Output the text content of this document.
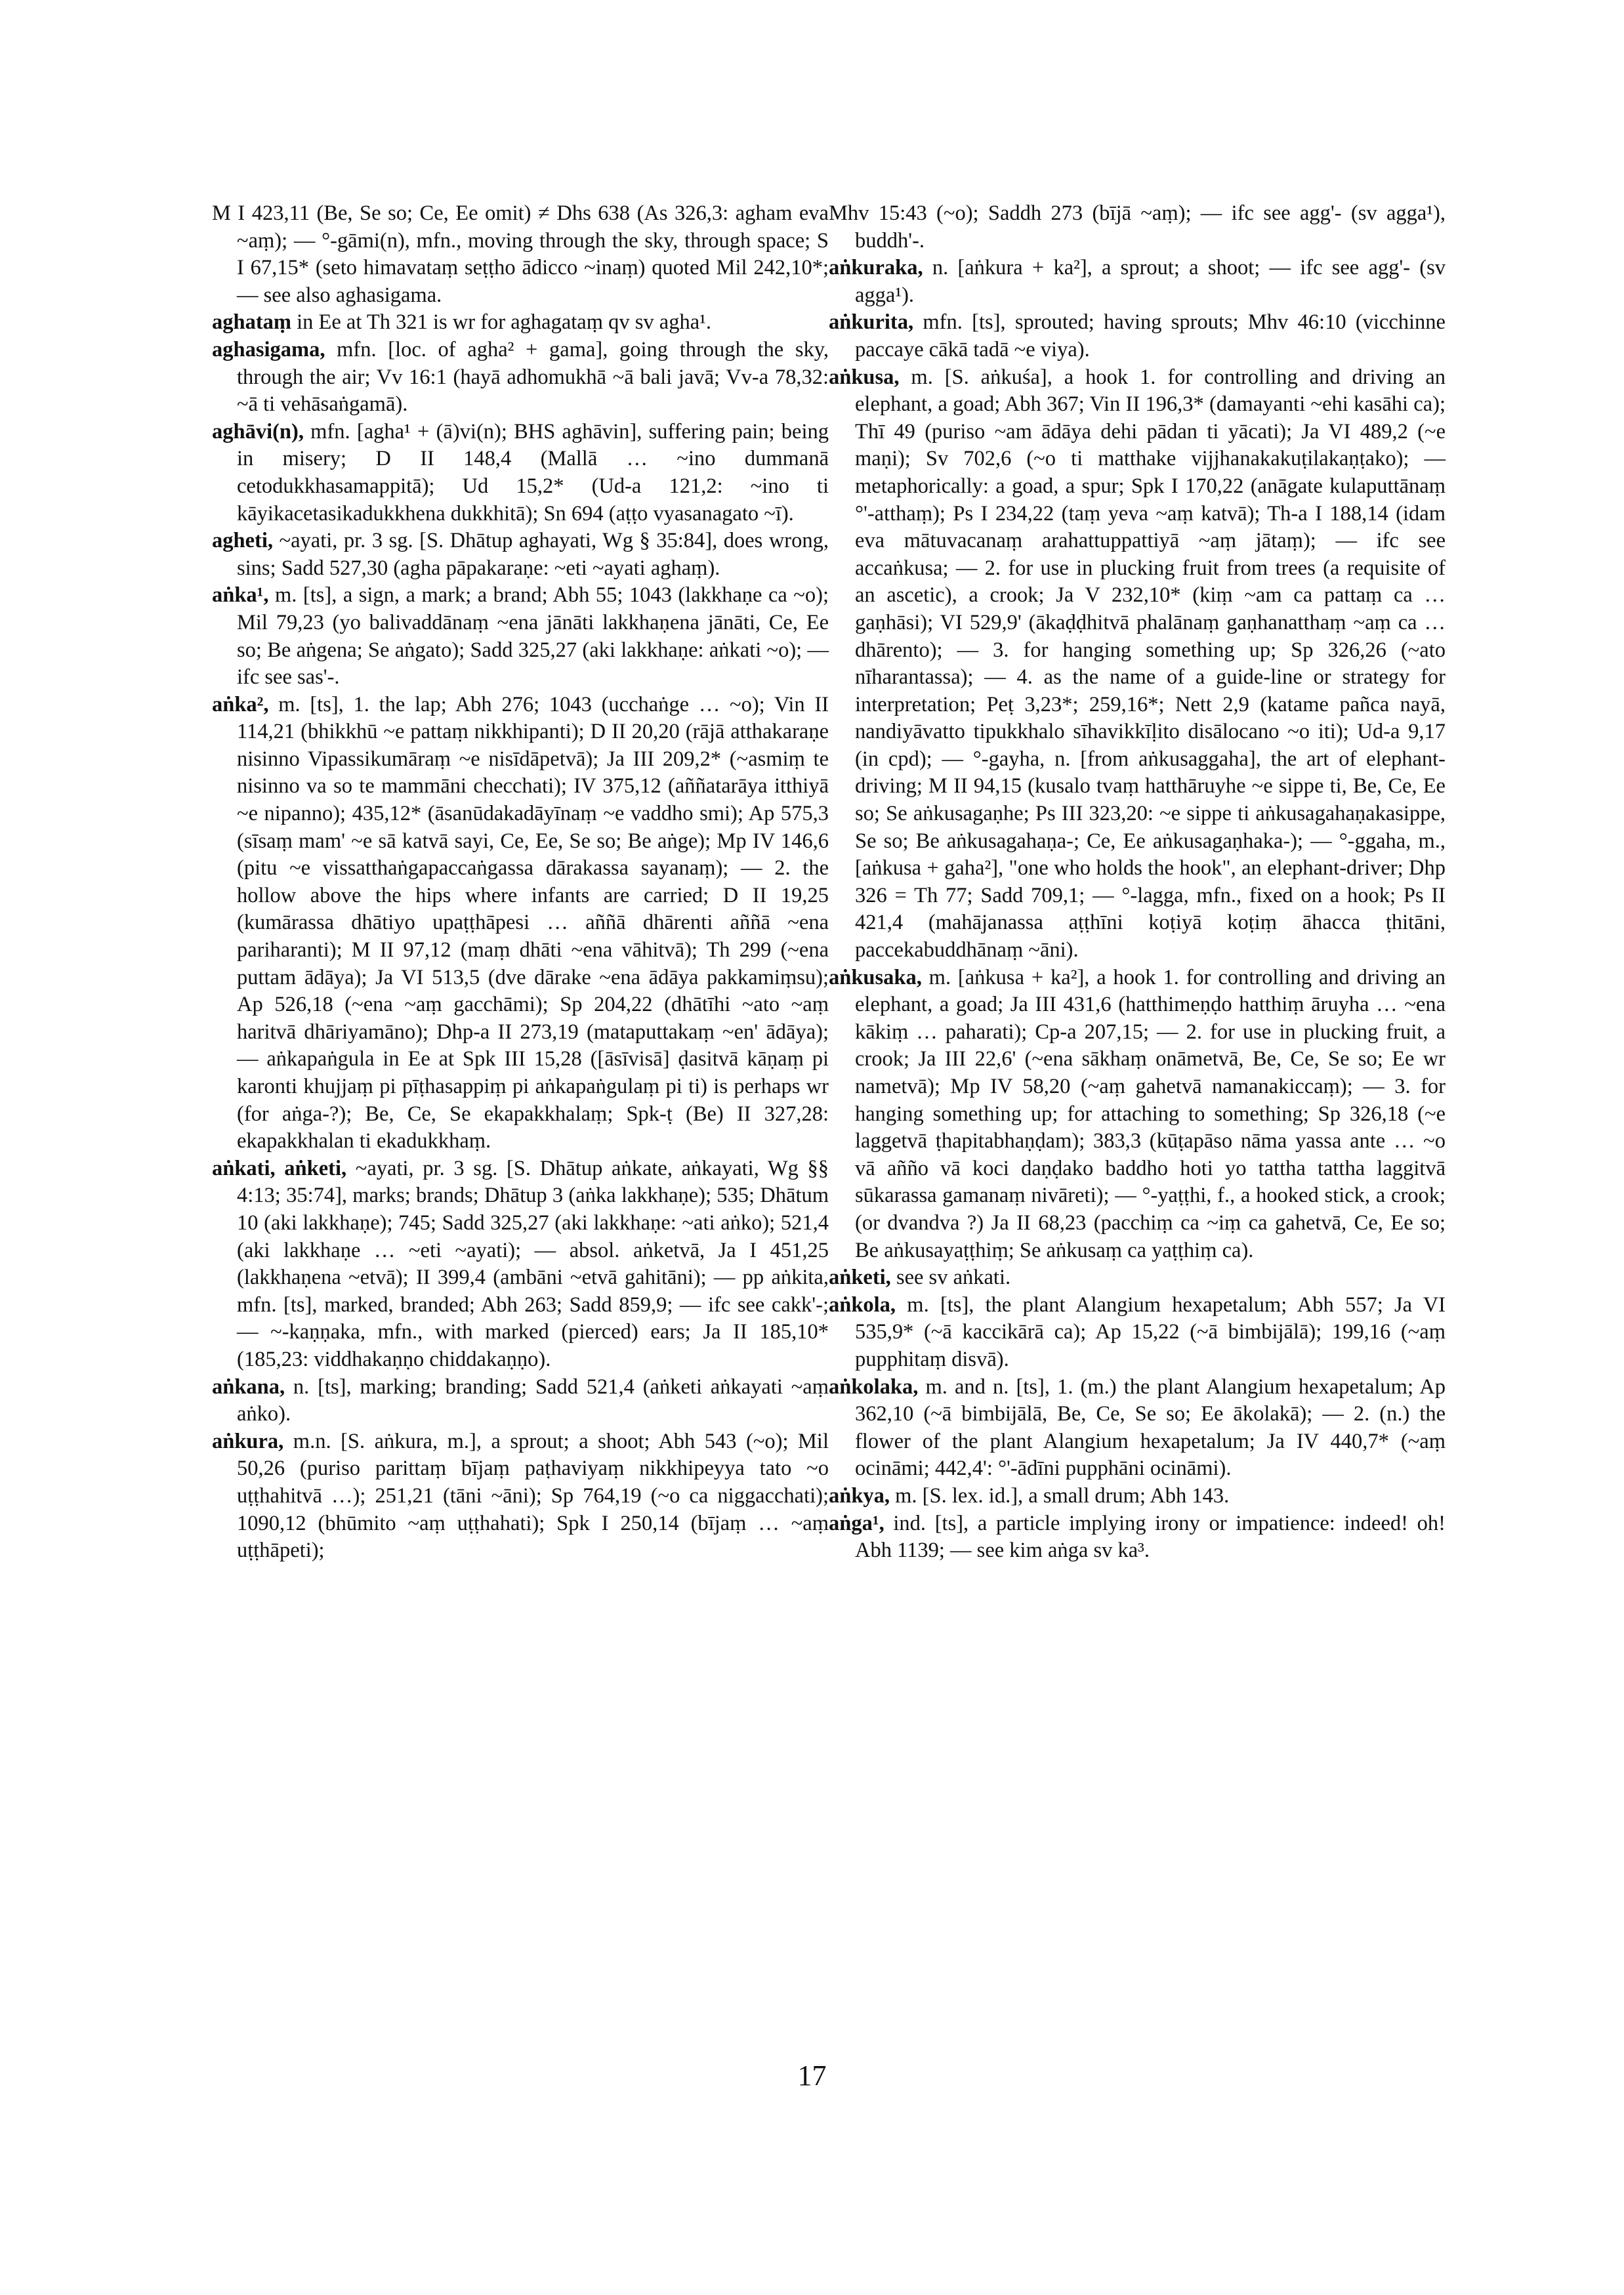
M I 423,11 (Be, Se so; Ce, Ee omit) ≠ Dhs 638 (As 326,3: agham eva ~aṃ); — °-gāmi(n), mfn., moving through the sky, through space; S I 67,15* (seto himavataṃ seṭṭho ādicco ~inaṃ) quoted Mil 242,10*; — see also aghasigama.

aghataṃ in Ee at Th 321 is wr for aghagataṃ qv sv agha¹.

aghasigama, mfn. [loc. of agha² + gama], going through the sky, through the air; Vv 16:1 (hayā adhomukhā ~ā bali javā; Vv-a 78,32: ~ā ti vehāsaṅgamā).

aghāvi(n), mfn. [agha¹ + (ā)vi(n); BHS aghāvin], suffering pain; being in misery; D II 148,4 (Mallā … ~ino dummanā cetodukkhasamappitā); Ud 15,2* (Ud-a 121,2: ~ino ti kāyikacetasikadukkhena dukkhitā); Sn 694 (aṭṭo vyasanagato ~ī).

agheti, ~ayati, pr. 3 sg. [S. Dhātup aghayati, Wg § 35:84], does wrong, sins; Sadd 527,30 (agha pāpakaraṇe: ~eti ~ayati aghaṃ).

aṅka¹, m. [ts], a sign, a mark; a brand; Abh 55; 1043 (lakkhaṇe ca ~o); Mil 79,23 (yo balivaddānaṃ ~ena jānāti lakkhaṇena jānāti, Ce, Ee so; Be aṅgena; Se aṅgato); Sadd 325,27 (aki lakkhaṇe: aṅkati ~o); — ifc see sas'-.

aṅka², m. [ts], 1. the lap; Abh 276; 1043 (ucchaṅge … ~o); Vin II 114,21 (bhikkhū ~e pattaṃ nikkhipanti); D II 20,20 (rājā atthakaraṇe nisinno Vipassikumāraṃ ~e nisīdāpetvā); Ja III 209,2* (~asmiṃ te nisinno va so te mammāni checchati); IV 375,12 (aññatarāya itthiyā ~e nipanno); 435,12* (āsanūdakadāyīnaṃ ~e vaddho smi); Ap 575,3 (sīsaṃ mam' ~e sā katvā sayi, Ce, Ee, Se so; Be aṅge); Mp IV 146,6 (pitu ~e vissatthaṅgapaccaṅgassa dārakassa sayanaṃ); — 2. the hollow above the hips where infants are carried; D II 19,25 (kumārassa dhātiyo upaṭṭhāpesi … aññā dhārenti aññā ~ena pariharanti); M II 97,12 (maṃ dhāti ~ena vāhitvā); Th 299 (~ena puttam ādāya); Ja VI 513,5 (dve dārake ~ena ādāya pakkamiṃsu); Ap 526,18 (~ena ~aṃ gacchāmi); Sp 204,22 (dhātīhi ~ato ~aṃ haritvā dhāriyamāno); Dhp-a II 273,19 (mataputtakaṃ ~en' ādāya); — aṅkapaṅgula in Ee at Spk III 15,28 ([āsīvisā] ḍasitvā kāṇaṃ pi karonti khujjaṃ pi pīṭhasappiṃ pi aṅkapaṅgulaṃ pi ti) is perhaps wr (for aṅga-?); Be, Ce, Se ekapakkhalaṃ; Spk-ṭ (Be) II 327,28: ekapakkhalan ti ekadukkhaṃ.

aṅkati, aṅketi, ~ayati, pr. 3 sg. [S. Dhātup aṅkate, aṅkayati, Wg §§ 4:13; 35:74], marks; brands; Dhātup 3 (aṅka lakkhaṇe); 535; Dhātum 10 (aki lakkhaṇe); 745; Sadd 325,27 (aki lakkhaṇe: ~ati aṅko); 521,4 (aki lakkhaṇe … ~eti ~ayati); — absol. aṅketvā, Ja I 451,25 (lakkhaṇena ~etvā); II 399,4 (ambāni ~etvā gahitāni); — pp aṅkita, mfn. [ts], marked, branded; Abh 263; Sadd 859,9; — ifc see cakk'-; — ~-kaṇṇaka, mfn., with marked (pierced) ears; Ja II 185,10* (185,23: viddhakaṇṇo chiddakaṇṇo).

aṅkana, n. [ts], marking; branding; Sadd 521,4 (aṅketi aṅkayati ~aṃ aṅko).

aṅkura, m.n. [S. aṅkura, m.], a sprout; a shoot; Abh 543 (~o); Mil 50,26 (puriso parittaṃ bījaṃ paṭhaviyaṃ nikkhipeyya tato ~o uṭṭhahitvā …); 251,21 (tāni ~āni); Sp 764,19 (~o ca niggacchati); 1090,12 (bhūmito ~aṃ uṭṭhahati); Spk I 250,14 (bījaṃ … ~aṃ uṭṭhāpeti);

Mhv 15:43 (~o); Saddh 273 (bījā ~aṃ); — ifc see agg'- (sv agga¹), buddh'-.

aṅkuraka, n. [aṅkura + ka²], a sprout; a shoot; — ifc see agg'- (sv agga¹).

aṅkurita, mfn. [ts], sprouted; having sprouts; Mhv 46:10 (vicchinne paccaye cākā tadā ~e viya).

aṅkusa, m. [S. aṅkuśa], a hook 1. for controlling and driving an elephant, a goad; Abh 367; Vin II 196,3* (damayanti ~ehi kasāhi ca); Thī 49 (puriso ~am ādāya dehi pādan ti yācati); Ja VI 489,2 (~e maṇi); Sv 702,6 (~o ti matthake vijjhanakakuṭilakaṇṭako); — metaphorically: a goad, a spur; Spk I 170,22 (anāgate kulaputtānaṃ °'-atthaṃ); Ps I 234,22 (taṃ yeva ~aṃ katvā); Th-a I 188,14 (idam eva mātuvacanaṃ arahattuppattiyā ~aṃ jātaṃ); — ifc see accaṅkusa; — 2. for use in plucking fruit from trees (a requisite of an ascetic), a crook; Ja V 232,10* (kiṃ ~am ca pattaṃ ca … gaṇhāsi); VI 529,9' (ākaḍḍhitvā phalānaṃ gaṇhanatthaṃ ~aṃ ca … dhārento); — 3. for hanging something up; Sp 326,26 (~ato nīharantassa); — 4. as the name of a guide-line or strategy for interpretation; Peṭ 3,23*; 259,16*; Nett 2,9 (katame pañca nayā, nandiyāvatto tipukkhalo sīhavikkīḷito disālocano ~o iti); Ud-a 9,17 (in cpd); — °-gayha, n. [from aṅkusaggaha], the art of elephant-driving; M II 94,15 (kusalo tvaṃ hatthāruyhe ~e sippe ti, Be, Ce, Ee so; Se aṅkusagaṇhe; Ps III 323,20: ~e sippe ti aṅkusagahaṇakasippe, Se so; Be aṅkusagahaṇa-; Ce, Ee aṅkusagaṇhaka-); — °-ggaha, m., [aṅkusa + gaha²], "one who holds the hook", an elephant-driver; Dhp 326 = Th 77; Sadd 709,1; — °-lagga, mfn., fixed on a hook; Ps II 421,4 (mahājanassa aṭṭhīni koṭiyā koṭiṃ āhacca ṭhitāni, paccekabuddhānaṃ ~āni).

aṅkusaka, m. [aṅkusa + ka²], a hook 1. for controlling and driving an elephant, a goad; Ja III 431,6 (hatthimeṇḍo hatthiṃ āruyha … ~ena kākiṃ … paharati); Cp-a 207,15; — 2. for use in plucking fruit, a crook; Ja III 22,6' (~ena sākhaṃ onāmetvā, Be, Ce, Se so; Ee wr nametvā); Mp IV 58,20 (~aṃ gahetvā namanakiccaṃ); — 3. for hanging something up; for attaching to something; Sp 326,18 (~e laggetvā ṭhapitabhaṇḍam); 383,3 (kūṭapāso nāma yassa ante … ~o vā añño vā koci daṇḍako baddho hoti yo tattha tattha laggitvā sūkarassa gamanaṃ nivāreti); — °-yaṭṭhi, f., a hooked stick, a crook; (or dvandva ?) Ja II 68,23 (pacchiṃ ca ~iṃ ca gahetvā, Ce, Ee so; Be aṅkusayaṭṭhiṃ; Se aṅkusaṃ ca yaṭṭhiṃ ca).

aṅketi, see sv aṅkati.

aṅkola, m. [ts], the plant Alangium hexapetalum; Abh 557; Ja VI 535,9* (~ā kaccikārā ca); Ap 15,22 (~ā bimbijālā); 199,16 (~aṃ pupphitaṃ disvā).

aṅkolaka, m. and n. [ts], 1. (m.) the plant Alangium hexapetalum; Ap 362,10 (~ā bimbijālā, Be, Ce, Se so; Ee ākolakā); — 2. (n.) the flower of the plant Alangium hexapetalum; Ja IV 440,7* (~aṃ ocināmi; 442,4': °'-ādīni pupphāni ocināmi).

aṅkya, m. [S. lex. id.], a small drum; Abh 143.

aṅga¹, ind. [ts], a particle implying irony or impatience: indeed! oh! Abh 1139; — see kim aṅga sv ka³.

17
